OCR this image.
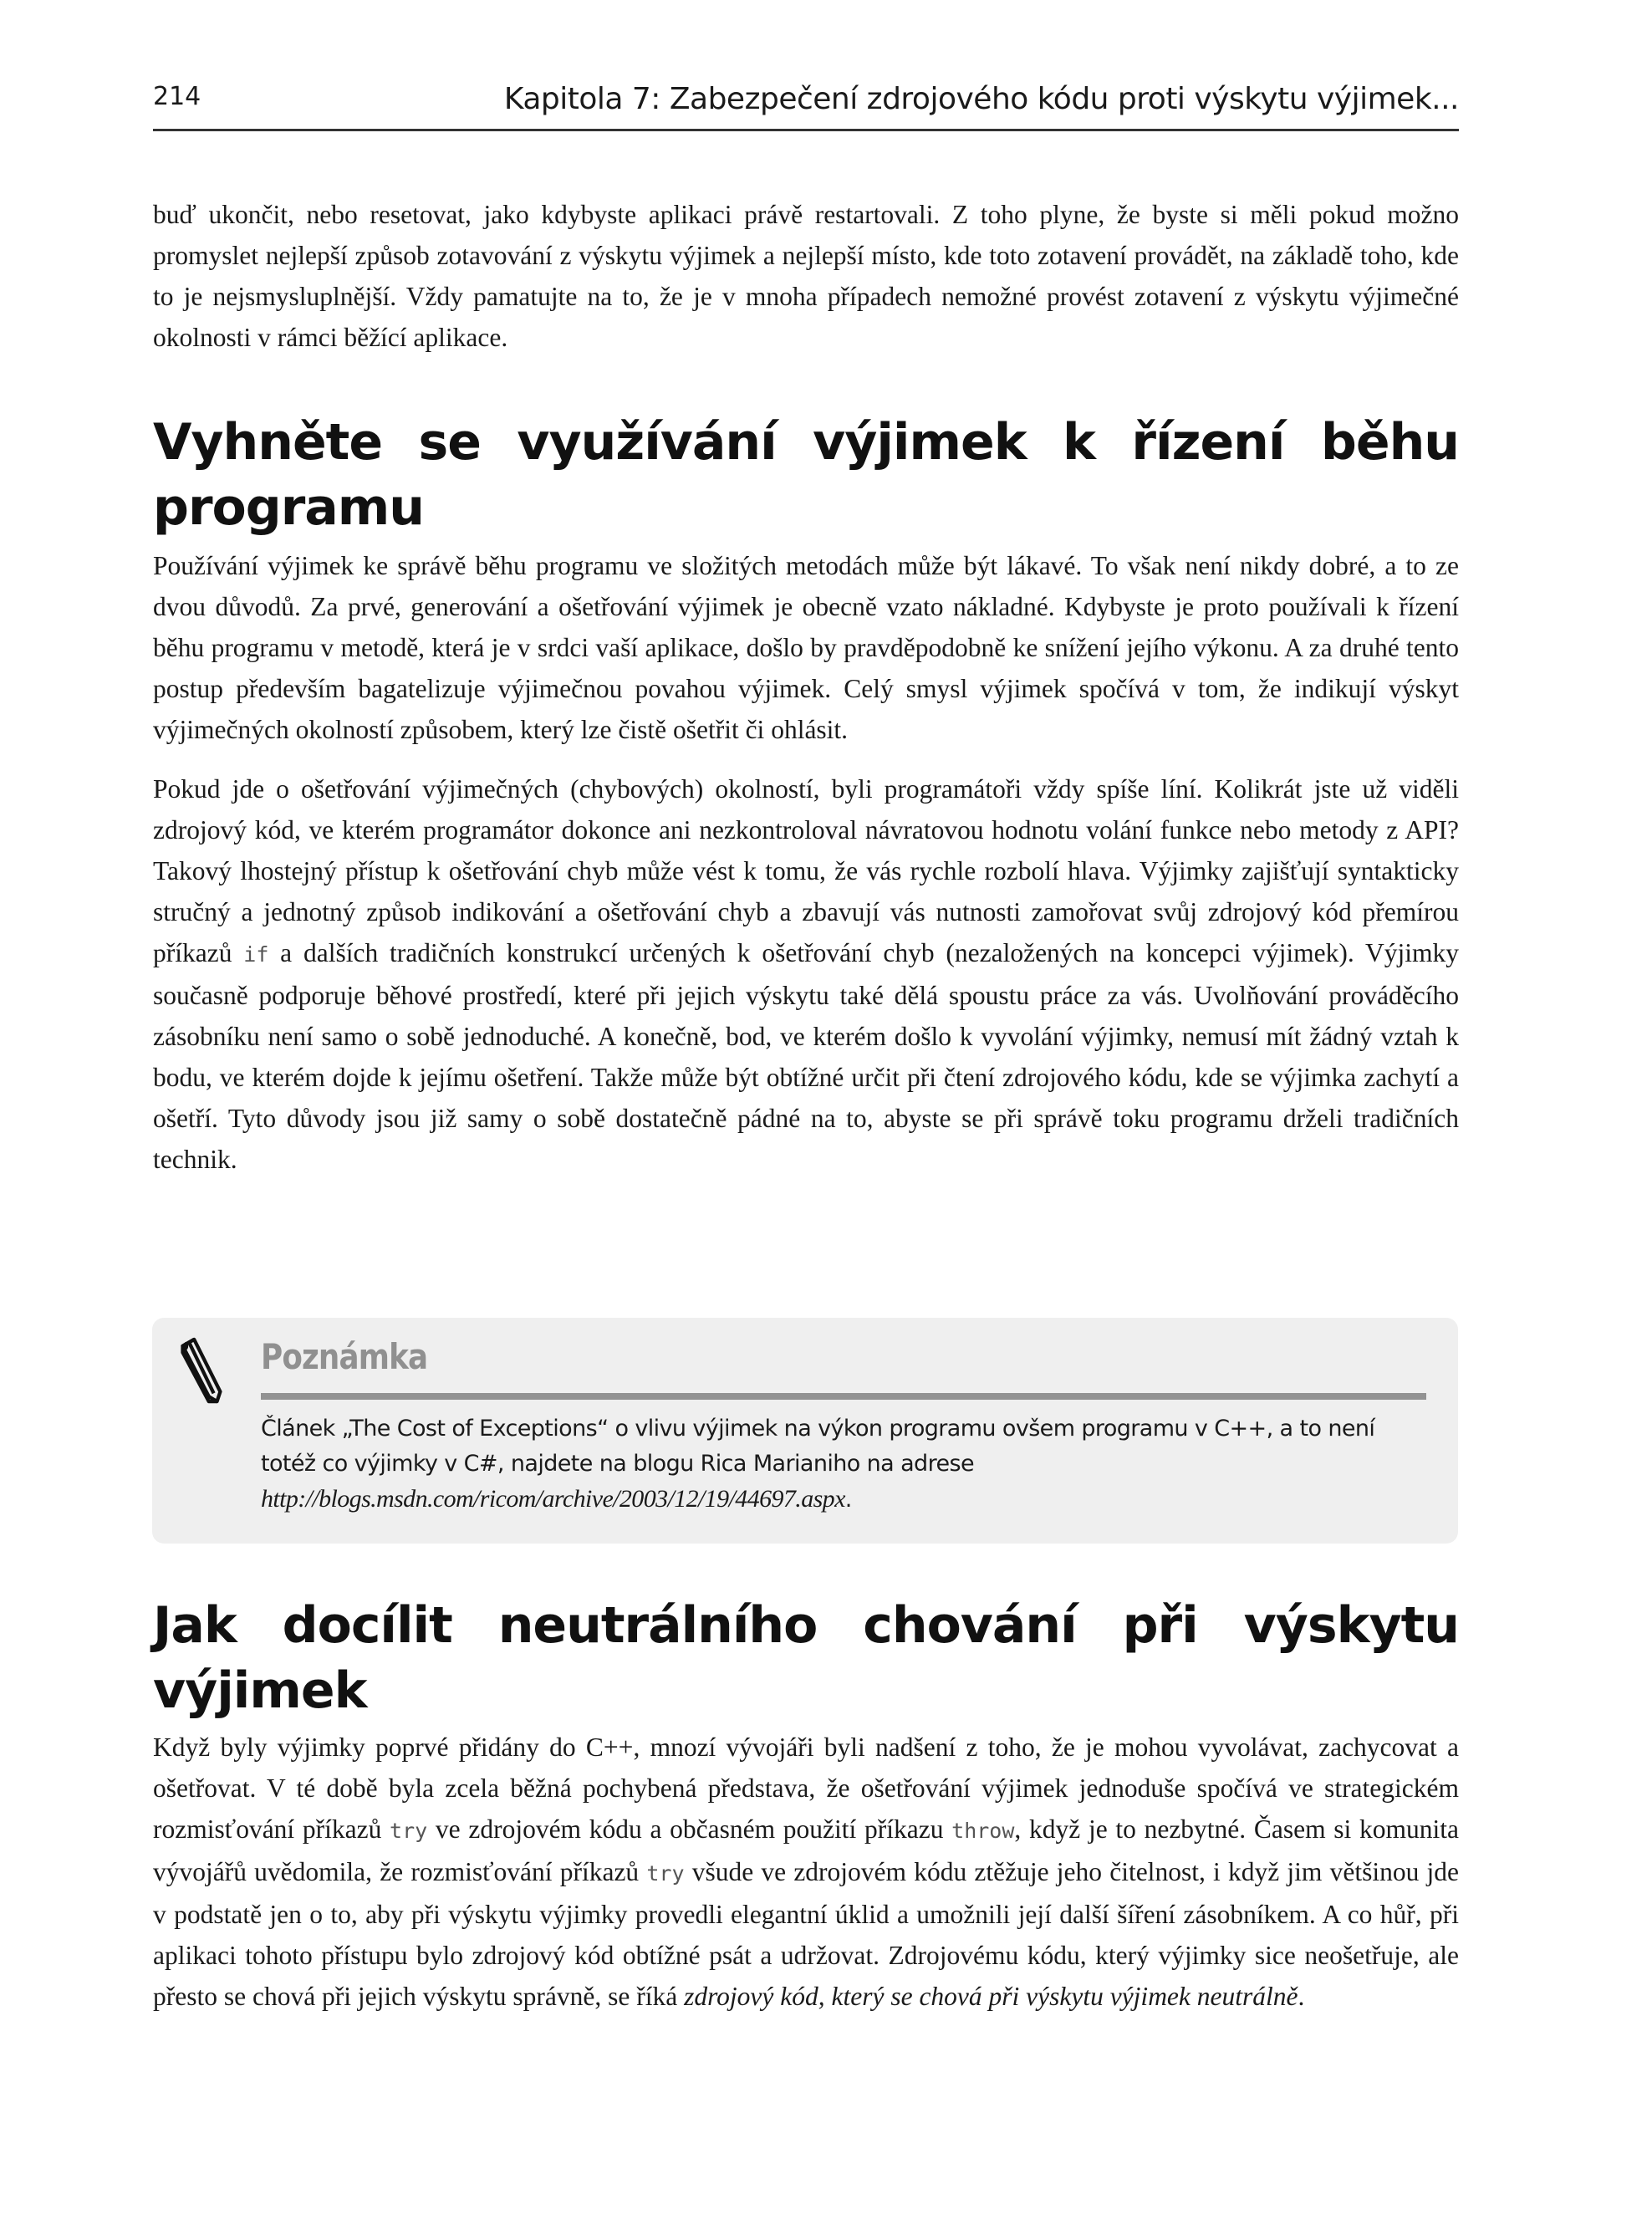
214	Kapitola 7: Zabezpečení zdrojového kódu proti výskytu výjimek...

buď ukončit, nebo resetovat, jako kdybyste aplikaci právě restartovali. Z toho plyne, že byste si měli pokud možno promyslet nejlepší způsob zotavování z výskytu výjimek a nejlepší místo, kde toto zotavení provádět, na základě toho, kde to je nejsmysluplnější. Vždy pamatujte na to, že je v mnoha případech nemožné provést zotavení z výskytu výjimečné okolnosti v rámci běžící aplikace.

Vyhněte se využívání výjimek k řízení běhu programu

Používání výjimek ke správě běhu programu ve složitých metodách může být lákavé. To však není nikdy dobré, a to ze dvou důvodů. Za prvé, generování a ošetřování výjimek je obecně vzato nákladné. Kdybyste je proto používali k řízení běhu programu v metodě, která je v srdci vaší aplikace, došlo by pravděpodobně ke snížení jejího výkonu. A za druhé tento postup především bagatelizuje výjimečnou povahou výjimek. Celý smysl výjimek spočívá v tom, že indikují výskyt výjimečných okolností způsobem, který lze čistě ošetřit či ohlásit.

Pokud jde o ošetřování výjimečných (chybových) okolností, byli programátoři vždy spíše líní. Kolikrát jste už viděli zdrojový kód, ve kterém programátor dokonce ani nezkontroloval návratovou hodnotu volání funkce nebo metody z API? Takový lhostejný přístup k ošetřování chyb může vést k tomu, že vás rychle rozbolí hlava. Výjimky zajišťují syntakticky stručný a jednotný způsob indikování a ošetřování chyb a zbavují vás nutnosti zamořovat svůj zdrojový kód přemírou příkazů if a dalších tradičních konstrukcí určených k ošetřování chyb (nezaložených na koncepci výjimek). Výjimky současně podporuje běhové prostředí, které při jejich výskytu také dělá spoustu práce za vás. Uvolňování prováděcího zásobníku není samo o sobě jednoduché. A konečně, bod, ve kterém došlo k vyvolání výjimky, nemusí mít žádný vztah k bodu, ve kterém dojde k jejímu ošetření. Takže může být obtížné určit při čtení zdrojového kódu, kde se výjimka zachytí a ošetří. Tyto důvody jsou již samy o sobě dostatečně pádné na to, abyste se při správě toku programu drželi tradičních technik.

Poznámka
Článek „The Cost of Exceptions“ o vlivu výjimek na výkon programu ovšem programu v C++, a to není totéž co výjimky v C#, najdete na blogu Rica Marianiho na adrese http://blogs.msdn.com/ricom/archive/2003/12/19/44697.aspx.
Jak docílit neutrálního chování při výskytu výjimek

Když byly výjimky poprvé přidány do C++, mnozí vývojáři byli nadšení z toho, že je mohou vyvolávat, zachycovat a ošetřovat. V té době byla zcela běžná pochybená představa, že ošetřování výjimek jednoduše spočívá ve strategickém rozmisťování příkazů try ve zdrojovém kódu a občasném použití příkazu throw, když je to nezbytné. Časem si komunita vývojářů uvědomila, že rozmisťování příkazů try všude ve zdrojovém kódu ztěžuje jeho čitelnost, i když jim většinou jde v podstatě jen o to, aby při výskytu výjimky provedli elegantní úklid a umožnili její další šíření zásobníkem. A co hůř, při aplikaci tohoto přístupu bylo zdrojový kód obtížné psát a udržovat. Zdrojovému kódu, který výjimky sice neošetřuje, ale přesto se chová při jejich výskytu správně, se říká zdrojový kód, který se chová při výskytu výjimek neutrálně.
